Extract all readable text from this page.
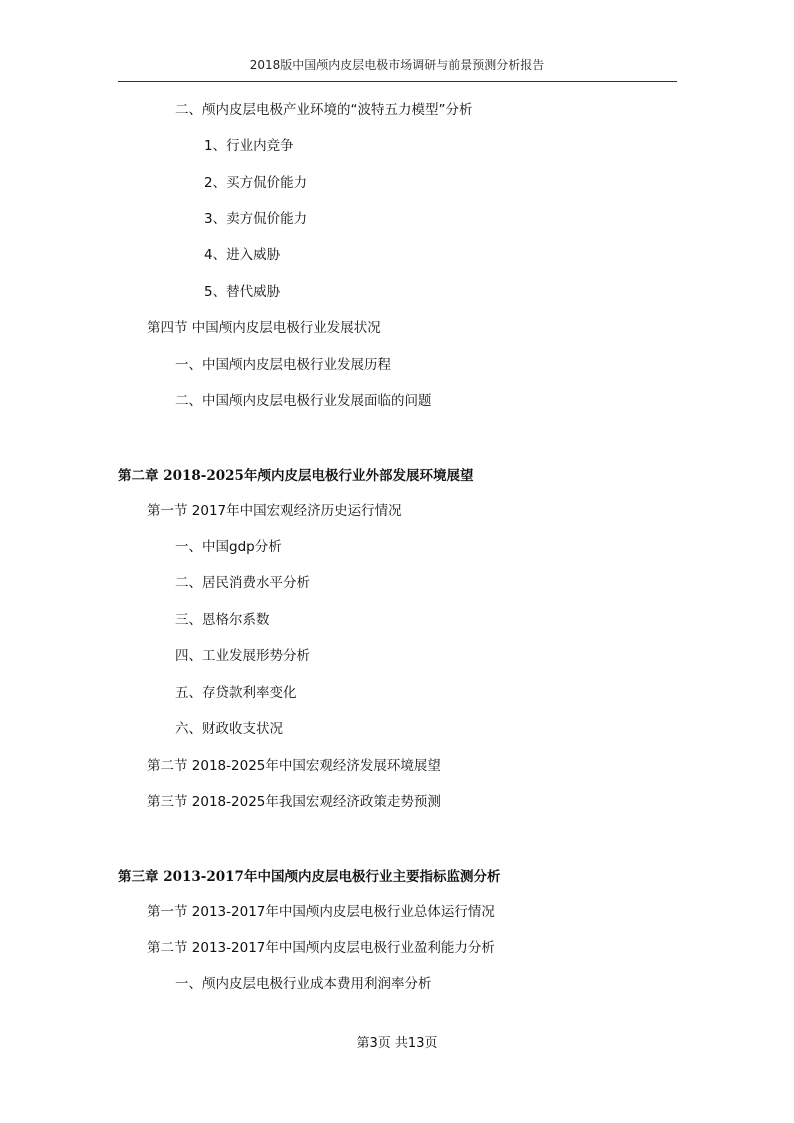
2018版中国颅内皮层电极市场调研与前景预测分析报告
二、颅内皮层电极产业环境的“波特五力模型”分析
1、行业内竞争
2、买方侃价能力
3、卖方侃价能力
4、进入威胁
5、替代威胁
第四节 中国颅内皮层电极行业发展状况
一、中国颅内皮层电极行业发展历程
二、中国颅内皮层电极行业发展面临的问题
第二章 2018-2025年颅内皮层电极行业外部发展环境展望
第一节 2017年中国宏观经济历史运行情况
一、中国gdp分析
二、居民消费水平分析
三、恩格尔系数
四、工业发展形势分析
五、存贷款利率变化
六、财政收支状况
第二节 2018-2025年中国宏观经济发展环境展望
第三节 2018-2025年我国宏观经济政策走势预测
第三章 2013-2017年中国颅内皮层电极行业主要指标监测分析
第一节 2013-2017年中国颅内皮层电极行业总体运行情况
第二节 2013-2017年中国颅内皮层电极行业盈利能力分析
一、颅内皮层电极行业成本费用利润率分析
第3页 共13页
